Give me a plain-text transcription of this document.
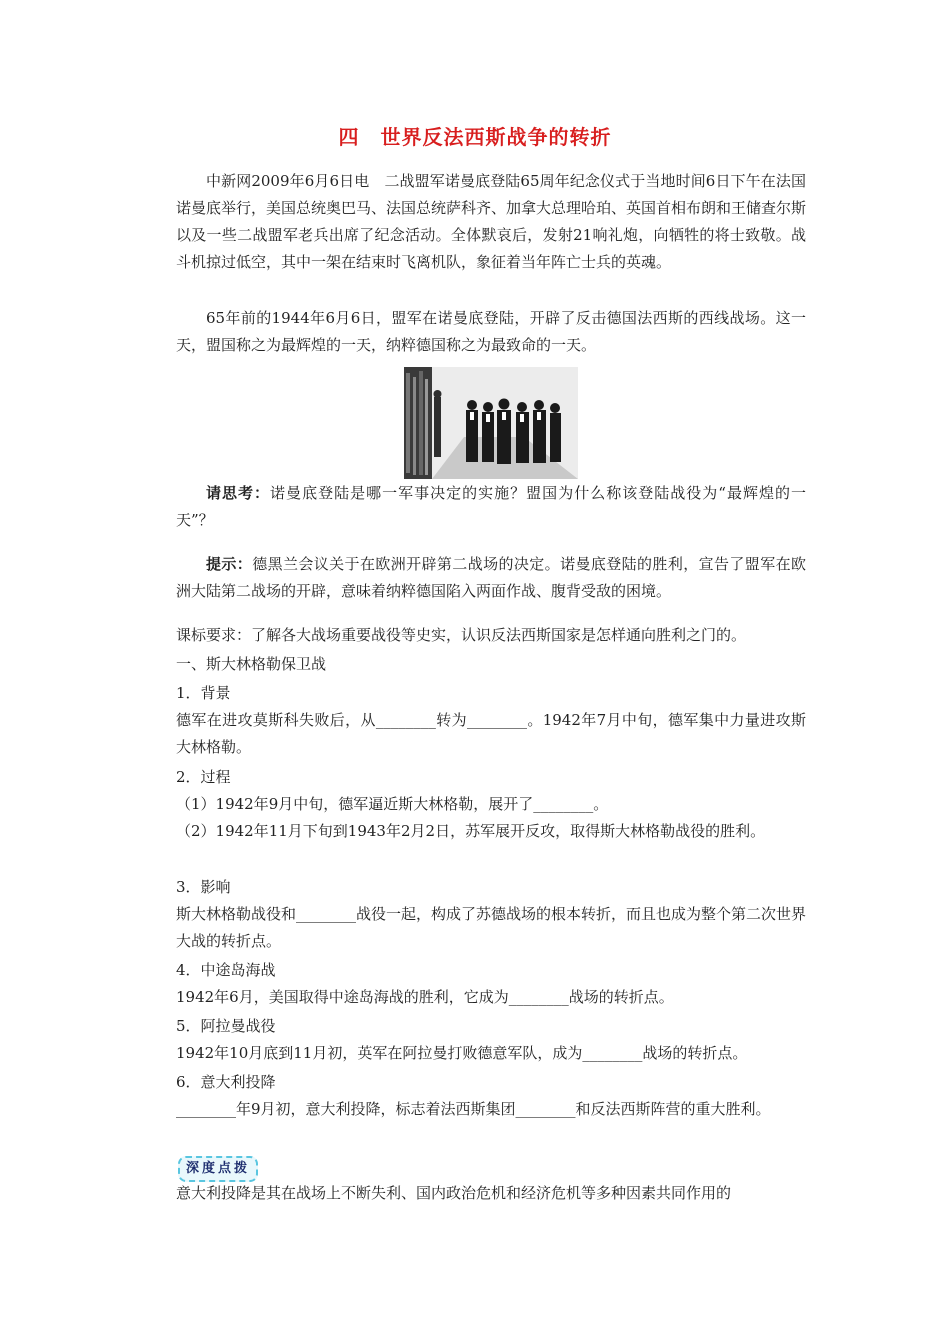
四　世界反法西斯战争的转折
中新网2009年6月6日电　二战盟军诺曼底登陆65周年纪念仪式于当地时间6日下午在法国诺曼底举行，美国总统奥巴马、法国总统萨科齐、加拿大总理哈珀、英国首相布朗和王储查尔斯以及一些二战盟军老兵出席了纪念活动。全体默哀后，发射21响礼炮，向牺牲的将士致敬。战斗机掠过低空，其中一架在结束时飞离机队，象征着当年阵亡士兵的英魂。
65年前的1944年6月6日，盟军在诺曼底登陆，开辟了反击德国法西斯的西线战场。这一天，盟国称之为最辉煌的一天，纳粹德国称之为最致命的一天。
请思考：诺曼底登陆是哪一军事决定的实施？盟国为什么称该登陆战役为“最辉煌的一天”？
提示：德黑兰会议关于在欧洲开辟第二战场的决定。诺曼底登陆的胜利，宣告了盟军在欧洲大陆第二战场的开辟，意味着纳粹德国陷入两面作战、腹背受敌的困境。
课标要求：了解各大战场重要战役等史实，认识反法西斯国家是怎样通向胜利之门的。
一、斯大林格勒保卫战
1．背景
德军在进攻莫斯科失败后，从________转为________。1942年7月中旬，德军集中力量进攻斯大林格勒。
2．过程
（1）1942年9月中旬，德军逼近斯大林格勒，展开了________。
（2）1942年11月下旬到1943年2月2日，苏军展开反攻，取得斯大林格勒战役的胜利。
3．影响
斯大林格勒战役和________战役一起，构成了苏德战场的根本转折，而且也成为整个第二次世界大战的转折点。
4．中途岛海战
1942年6月，美国取得中途岛海战的胜利，它成为________战场的转折点。
5．阿拉曼战役
1942年10月底到11月初，英军在阿拉曼打败德意军队，成为________战场的转折点。
6．意大利投降
________年9月初，意大利投降，标志着法西斯集团________和反法西斯阵营的重大胜利。
深度点拨
意大利投降是其在战场上不断失利、国内政治危机和经济危机等多种因素共同作用的
